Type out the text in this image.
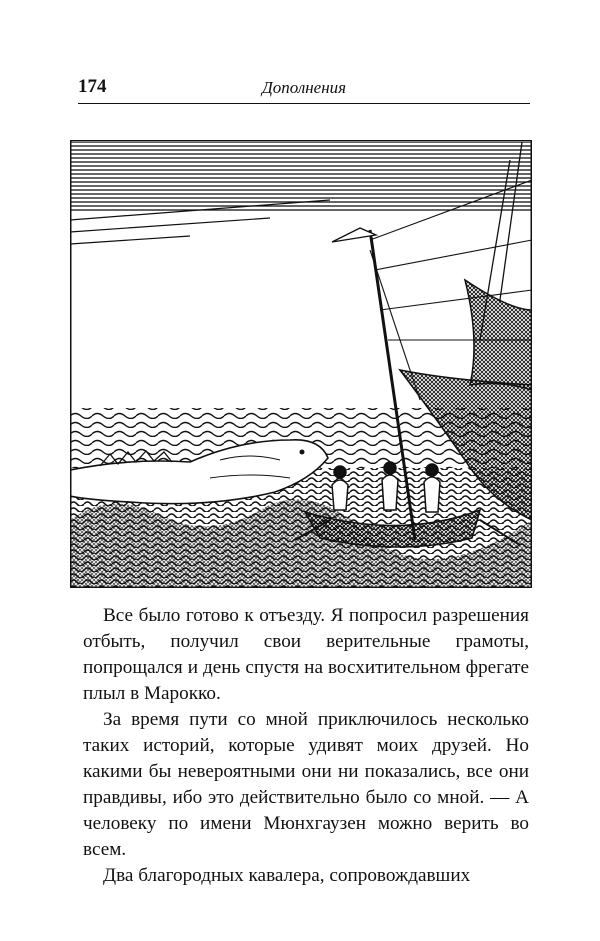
174	Дополнения

Все было готово к отъезду. Я попросил разрешения отбыть, получил свои верительные грамоты, попрощался и день спустя на восхитительном фрегате плыл в Марокко.

За время пути со мной приключилось несколько таких историй, которые удивят моих друзей. Но какими бы невероятными они ни показались, все они правдивы, ибо это действительно было со мной. — А человеку по имени Мюнхгаузен можно верить во всем.

Два благородных кавалера, сопровождавших
